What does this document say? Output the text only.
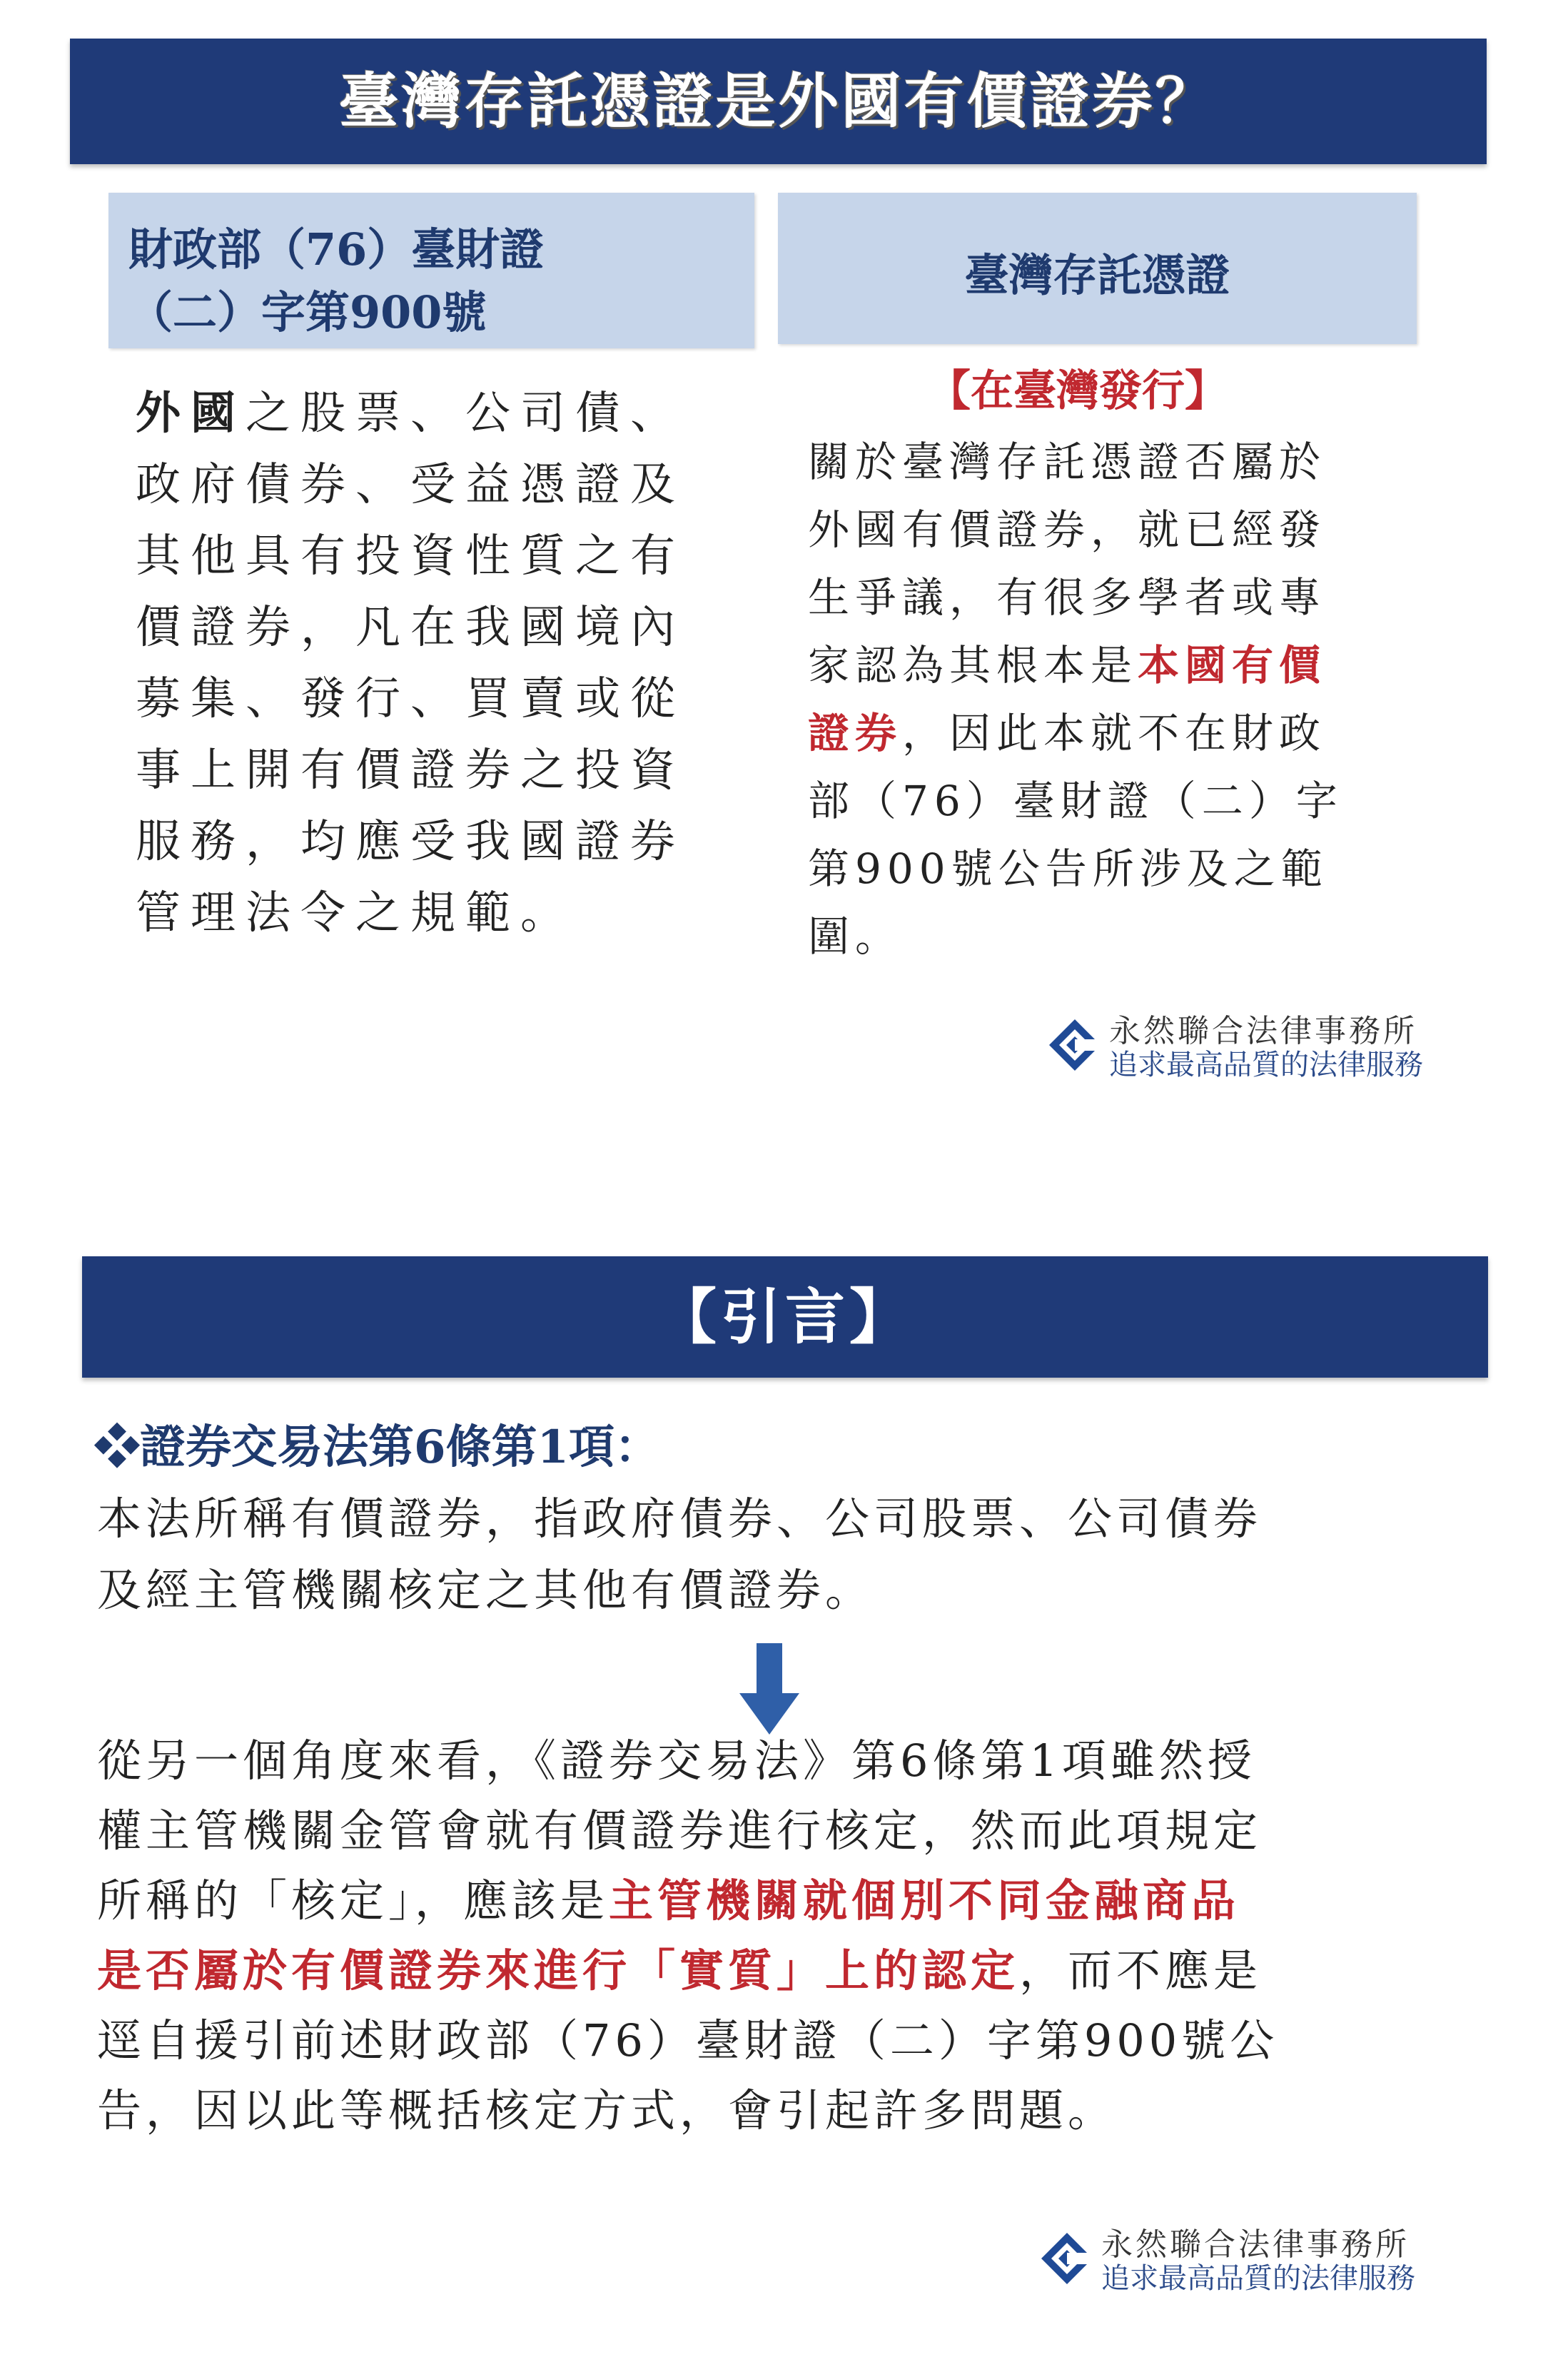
臺灣存託憑證是外國有價證券？
財政部（76）臺財證
（二）字第900號
臺灣存託憑證

外國之股票、公司債、

政府債券、受益憑證及

其他具有投資性質之有

價證券，凡在我國境內

募集、發行、買賣或從

事上開有價證券之投資

服務，均應受我國證券

管理法令之規範。

【在臺灣發行】

關於臺灣存託憑證否屬於

外國有價證券，就已經發

生爭議，有很多學者或專

家認為其根本是本國有價

證券，因此本就不在財政

部（76）臺財證（二）字

第900號公告所涉及之範

圍。

永然聯合法律事務所
追求最高品質的法律服務
【引言】
❖證券交易法第6條第1項：

本法所稱有價證券，指政府債券、公司股票、公司債券

及經主管機關核定之其他有價證券。

從另一個角度來看，《證券交易法》第6條第1項雖然授

權主管機關金管會就有價證券進行核定，然而此項規定

所稱的「核定」，應該是主管機關就個別不同金融商品

是否屬於有價證券來進行「實質」上的認定，而不應是

逕自援引前述財政部（76）臺財證（二）字第900號公

告，因以此等概括核定方式，會引起許多問題。

永然聯合法律事務所
追求最高品質的法律服務
